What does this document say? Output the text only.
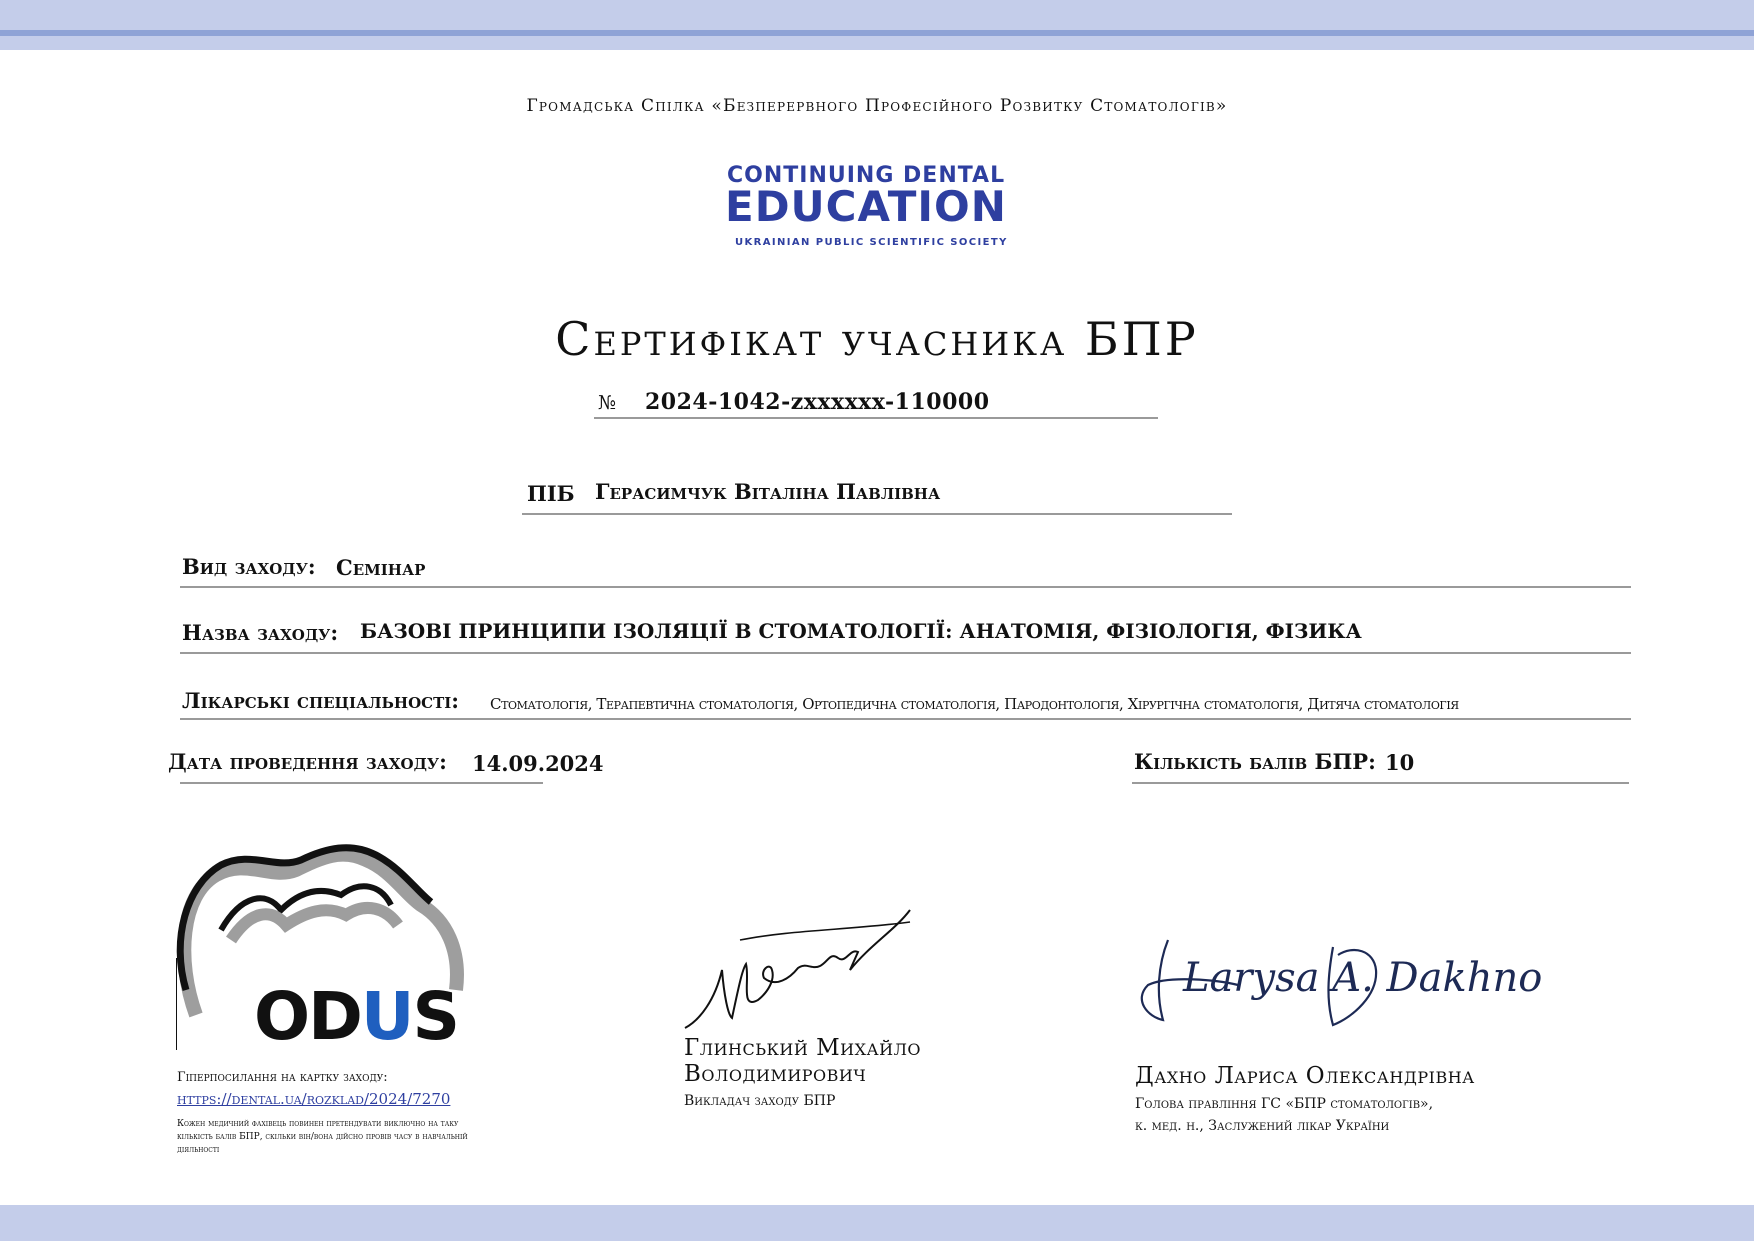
Громадська Спілка «Безперервного Професійного Розвитку Стоматологів»
CONTINUING DENTAL
EDUCATION
UKRAINIAN PUBLIC SCIENTIFIC SOCIETY
Сертифікат учасника БПР
№ 2024-1042-zxxxxxx-110000
ПІБ Герасимчук Віталіна Павлівна
Вид заходу: Семінар
Назва заходу: БАЗОВІ ПРИНЦИПИ ІЗОЛЯЦІЇ В СТОМАТОЛОГІЇ: АНАТОМІЯ, ФІЗІОЛОГІЯ, ФІЗИКА
Лікарські спеціальності: Стоматологія, Терапевтична стоматологія, Ортопедична стоматологія, Пародонтологія, Хірургічна стоматологія, Дитяча стоматологія
Дата проведення заходу: 14.09.2024	Кількість балів БПР: 10
ODUS
Гіперпосилання на картку заходу:
https://dental.ua/rozklad/2024/7270
Кожен медичний фахівець повинен претендувати виключно на таку кількість балів БПР, скільки він/вона дійсно провів часу в навчальній діяльності
Глинський Михайло
Володимирович
Викладач заходу БПР
Larysa A. Dakhno
Дахно Лариса Олександрівна
Голова правління ГС «БПР стоматологів»,
к. мед. н., Заслужений лікар України
